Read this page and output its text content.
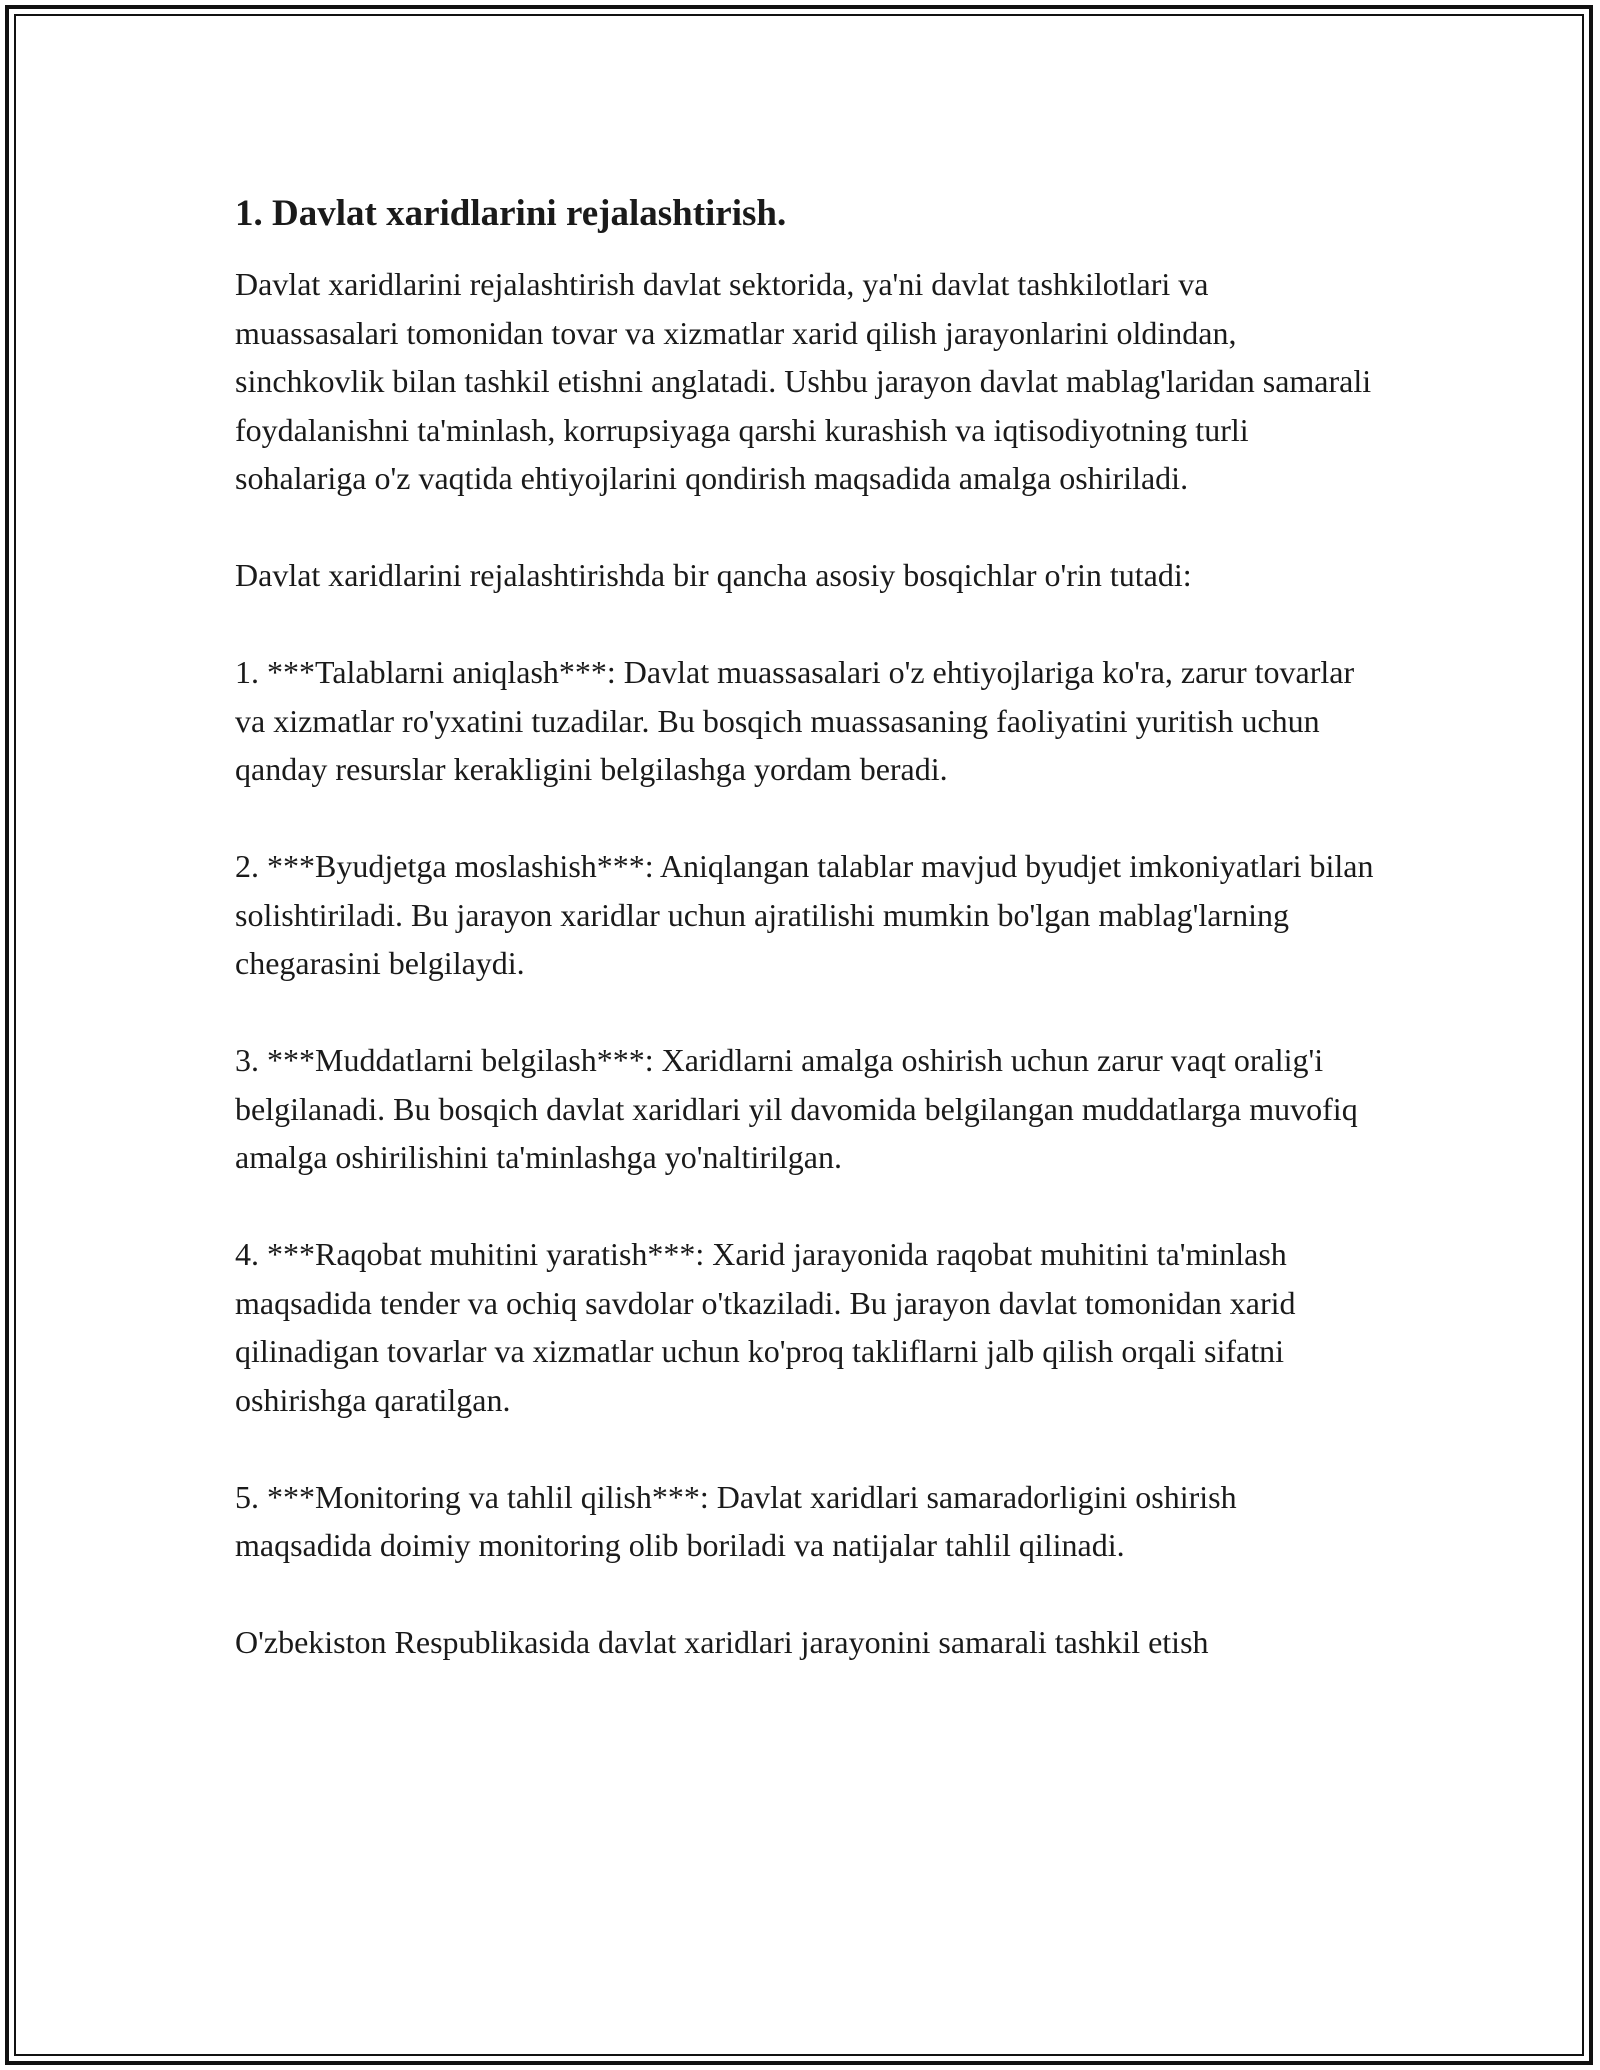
1. Davlat xaridlarini rejalashtirish.

Davlat xaridlarini rejalashtirish davlat sektorida, ya'ni davlat tashkilotlari va muassasalari tomonidan tovar va xizmatlar xarid qilish jarayonlarini oldindan, sinchkovlik bilan tashkil etishni anglatadi. Ushbu jarayon davlat mablag'laridan samarali foydalanishni ta'minlash, korrupsiyaga qarshi kurashish va iqtisodiyotning turli sohalariga o'z vaqtida ehtiyojlarini qondirish maqsadida amalga oshiriladi.

Davlat xaridlarini rejalashtirishda bir qancha asosiy bosqichlar o'rin tutadi:

1. ***Talablarni aniqlash***: Davlat muassasalari o'z ehtiyojlariga ko'ra, zarur tovarlar va xizmatlar ro'yxatini tuzadilar. Bu bosqich muassasaning faoliyatini yuritish uchun qanday resurslar kerakligini belgilashga yordam beradi.

2. ***Byudjetga moslashish***: Aniqlangan talablar mavjud byudjet imkoniyatlari bilan solishtiriladi. Bu jarayon xaridlar uchun ajratilishi mumkin bo'lgan mablag'larning chegarasini belgilaydi.

3. ***Muddatlarni belgilash***: Xaridlarni amalga oshirish uchun zarur vaqt oralig'i belgilanadi. Bu bosqich davlat xaridlari yil davomida belgilangan muddatlarga muvofiq amalga oshirilishini ta'minlashga yo'naltirilgan.

4. ***Raqobat muhitini yaratish***: Xarid jarayonida raqobat muhitini ta'minlash maqsadida tender va ochiq savdolar o'tkaziladi. Bu jarayon davlat tomonidan xarid qilinadigan tovarlar va xizmatlar uchun ko'proq takliflarni jalb qilish orqali sifatni oshirishga qaratilgan.

5. ***Monitoring va tahlil qilish***: Davlat xaridlari samaradorligini oshirish maqsadida doimiy monitoring olib boriladi va natijalar tahlil qilinadi.

O'zbekiston Respublikasida davlat xaridlari jarayonini samarali tashkil etish
